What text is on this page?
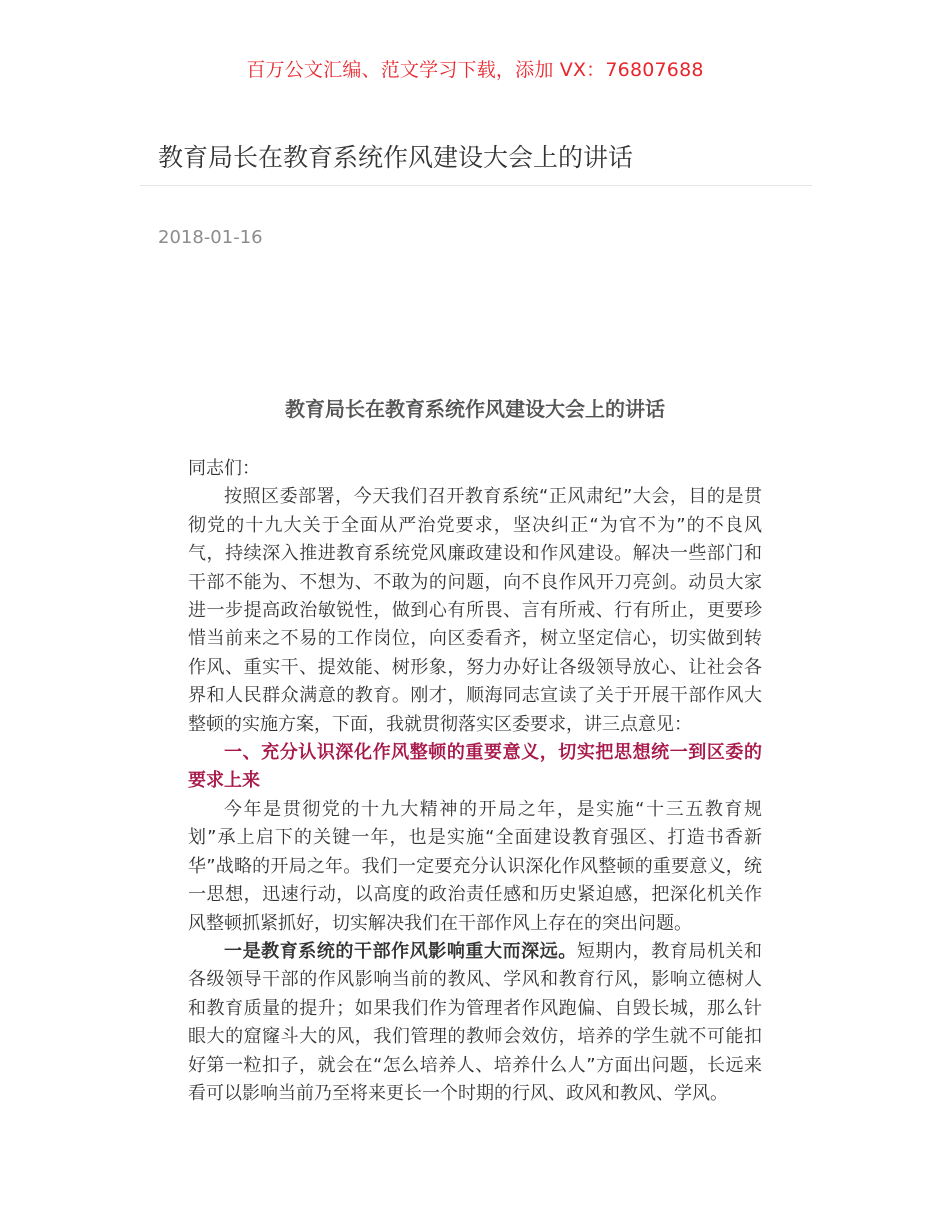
百万公文汇编、范文学习下载，添加 VX：76807688
教育局长在教育系统作风建设大会上的讲话
2018-01-16
教育局长在教育系统作风建设大会上的讲话

同志们：

按照区委部署，今天我们召开教育系统“正风肃纪”大会，目的是贯彻党的十九大关于全面从严治党要求，坚决纠正“为官不为”的不良风气，持续深入推进教育系统党风廉政建设和作风建设。解决一些部门和干部不能为、不想为、不敢为的问题，向不良作风开刀亮剑。动员大家进一步提高政治敏锐性，做到心有所畏、言有所戒、行有所止，更要珍惜当前来之不易的工作岗位，向区委看齐，树立坚定信心，切实做到转作风、重实干、提效能、树形象，努力办好让各级领导放心、让社会各界和人民群众满意的教育。刚才，顺海同志宣读了关于开展干部作风大整顿的实施方案，下面，我就贯彻落实区委要求，讲三点意见：

一、充分认识深化作风整顿的重要意义，切实把思想统一到区委的要求上来

今年是贯彻党的十九大精神的开局之年，是实施“十三五教育规划”承上启下的关键一年，也是实施“全面建设教育强区、打造书香新华”战略的开局之年。我们一定要充分认识深化作风整顿的重要意义，统一思想，迅速行动，以高度的政治责任感和历史紧迫感，把深化机关作风整顿抓紧抓好，切实解决我们在干部作风上存在的突出问题。

一是教育系统的干部作风影响重大而深远。短期内，教育局机关和各级领导干部的作风影响当前的教风、学风和教育行风，影响立德树人和教育质量的提升；如果我们作为管理者作风跑偏、自毁长城，那么针眼大的窟窿斗大的风，我们管理的教师会效仿，培养的学生就不可能扣好第一粒扣子，就会在“怎么培养人、培养什么人”方面出问题，长远来看可以影响当前乃至将来更长一个时期的行风、政风和教风、学风。
